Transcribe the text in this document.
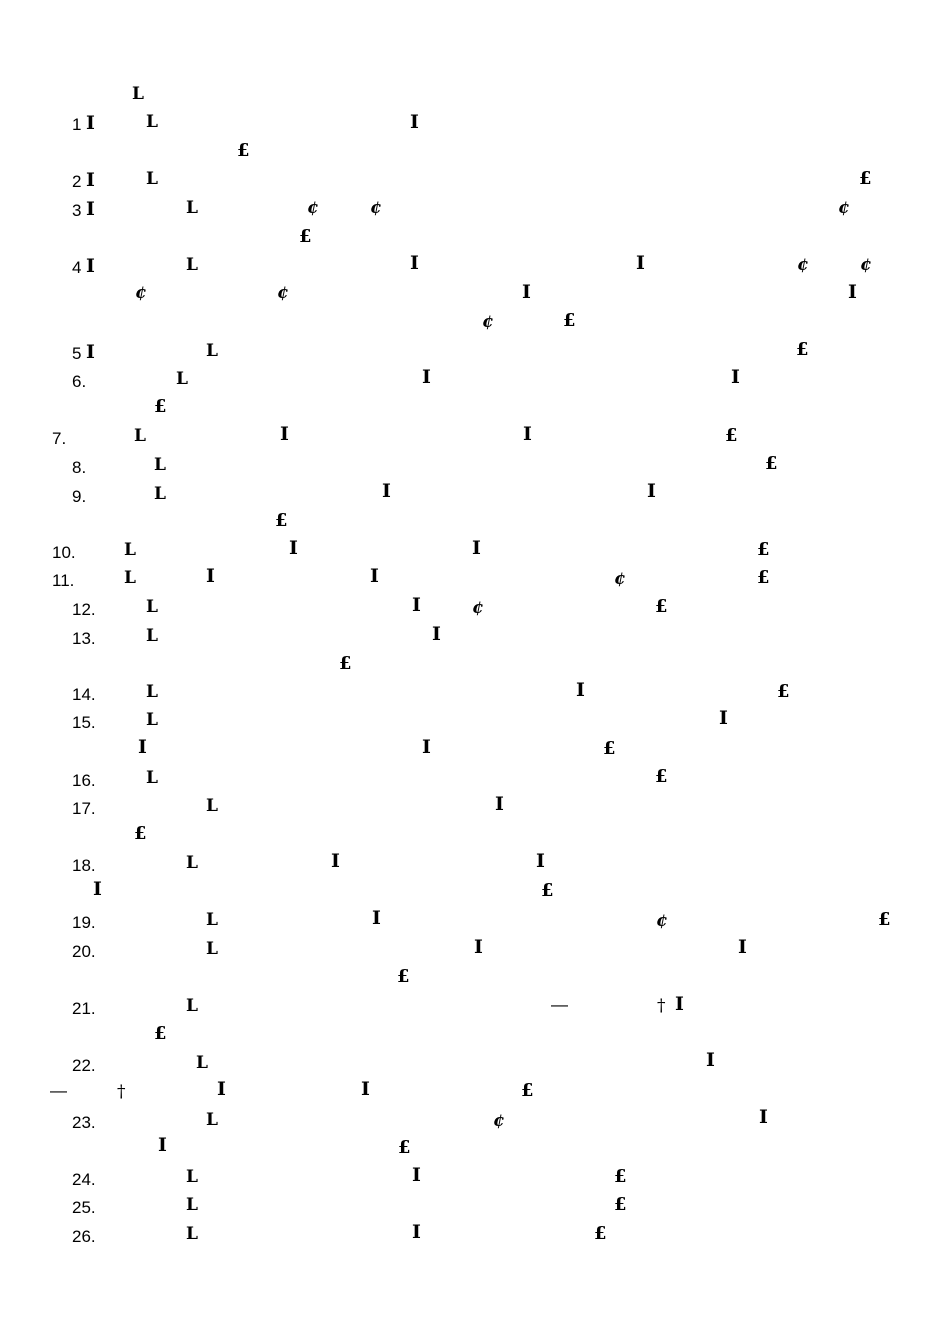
L
1 I	L	I
£
2 I	L	£
3 I	L	¢	¢	¢
£
4 I	L	I	I	¢	¢
¢	¢	I	I
¢	£
5 I	L	£
6.	L	I	I
£
7.	L	I	I	£
8.	L	£
9.	L	I	I
£
10.	L	I	I	£
11.	L	I	I	¢	£
12.	L	I	¢	£
13.	L	I
£
14.	L	I	£
15.	L	I
I	I	£
16.	L	£
17.	L	I
£
18.	L	I	I
I	£
19.	L	I	¢	£
20.	L	I	I
£
21.	L	—	† I
£
22.	L	I
—	†	I	I	£
23.	L	¢	I
I	£
24.	L	I	£
25.	L	£
26.	L	I	£
